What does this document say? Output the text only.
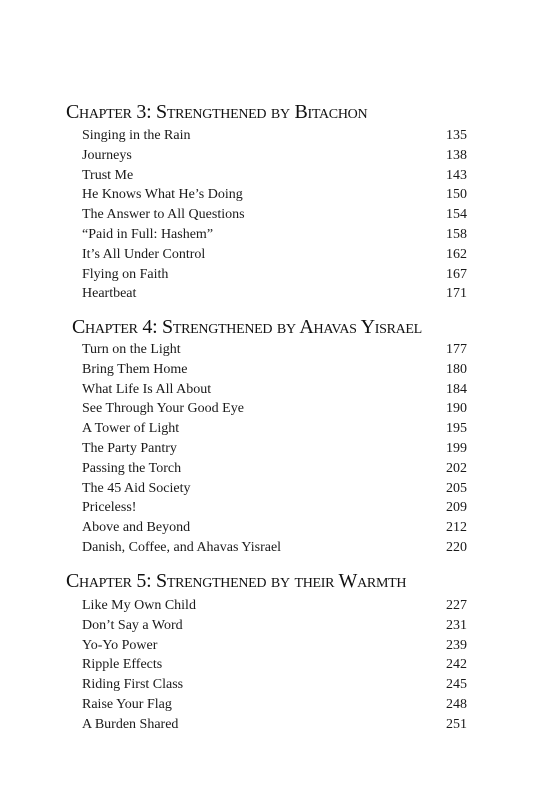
Chapter 3: Strengthened by Bitachon
Singing in the Rain	135
Journeys	138
Trust Me	143
He Knows What He’s Doing	150
The Answer to All Questions	154
“Paid in Full: Hashem”	158
It’s All Under Control	162
Flying on Faith	167
Heartbeat	171
Chapter 4: Strengthened by Ahavas Yisrael
Turn on the Light	177
Bring Them Home	180
What Life Is All About	184
See Through Your Good Eye	190
A Tower of Light	195
The Party Pantry	199
Passing the Torch	202
The 45 Aid Society	205
Priceless!	209
Above and Beyond	212
Danish, Coffee, and Ahavas Yisrael	220
Chapter 5: Strengthened by their Warmth
Like My Own Child	227
Don’t Say a Word	231
Yo-Yo Power	239
Ripple Effects	242
Riding First Class	245
Raise Your Flag	248
A Burden Shared	251
